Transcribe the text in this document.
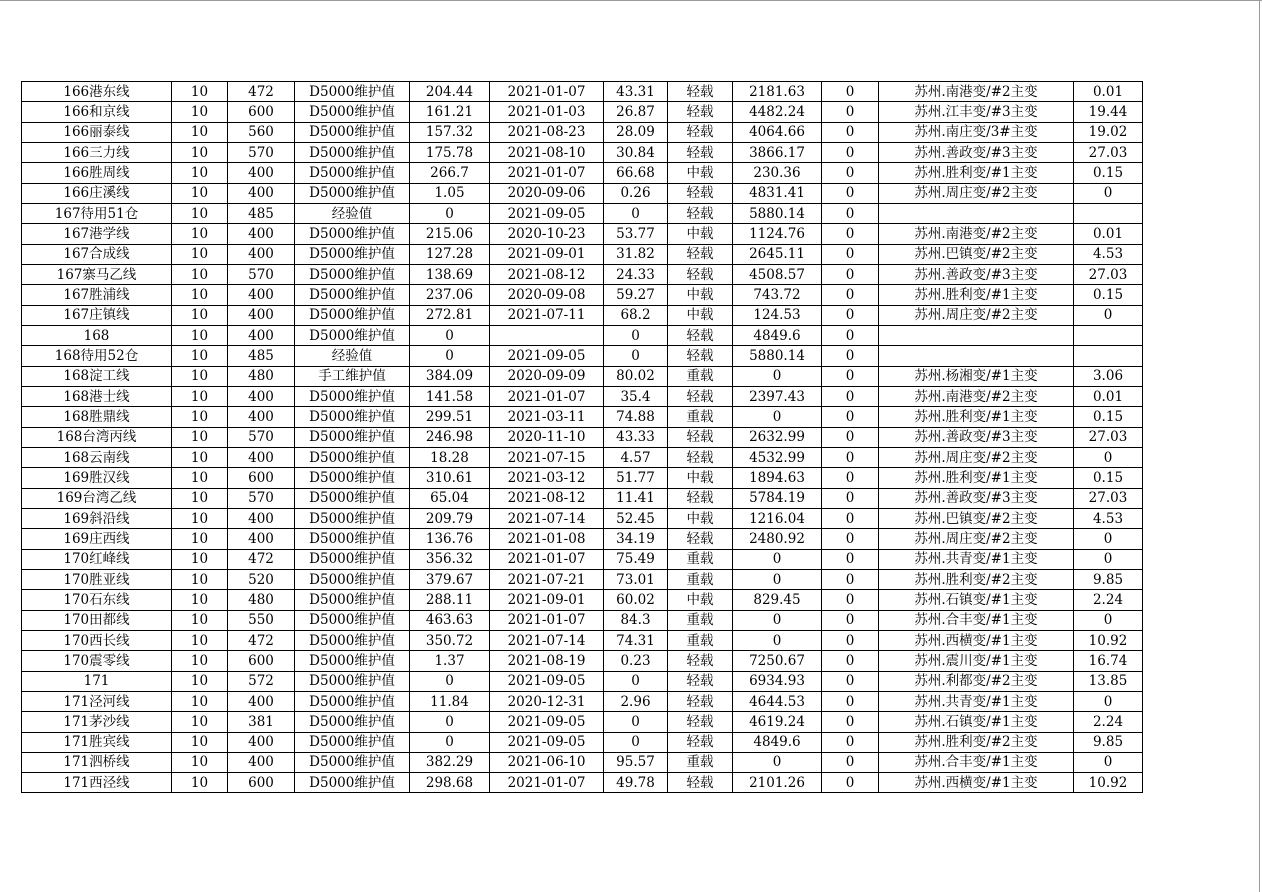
166港东线	10	472	D5000维护值	204.44	2021-01-07	43.31	轻载	2181.63	0	苏州.南港变/#2主变	0.01
166和京线	10	600	D5000维护值	161.21	2021-01-03	26.87	轻载	4482.24	0	苏州.江丰变/#3主变	19.44
166丽泰线	10	560	D5000维护值	157.32	2021-08-23	28.09	轻载	4064.66	0	苏州.南庄变/3#主变	19.02
166三力线	10	570	D5000维护值	175.78	2021-08-10	30.84	轻载	3866.17	0	苏州.善政变/#3主变	27.03
166胜周线	10	400	D5000维护值	266.7	2021-01-07	66.68	中载	230.36	0	苏州.胜利变/#1主变	0.15
166庄溪线	10	400	D5000维护值	1.05	2020-09-06	0.26	轻载	4831.41	0	苏州.周庄变/#2主变	0
167待用51仓	10	485	经验值	0	2021-09-05	0	轻载	5880.14	0		
167港学线	10	400	D5000维护值	215.06	2020-10-23	53.77	中载	1124.76	0	苏州.南港变/#2主变	0.01
167合成线	10	400	D5000维护值	127.28	2021-09-01	31.82	轻载	2645.11	0	苏州.巴镇变/#2主变	4.53
167寨马乙线	10	570	D5000维护值	138.69	2021-08-12	24.33	轻载	4508.57	0	苏州.善政变/#3主变	27.03
167胜浦线	10	400	D5000维护值	237.06	2020-09-08	59.27	中载	743.72	0	苏州.胜利变/#1主变	0.15
167庄镇线	10	400	D5000维护值	272.81	2021-07-11	68.2	中载	124.53	0	苏州.周庄变/#2主变	0
168	10	400	D5000维护值	0		0	轻载	4849.6	0		
168待用52仓	10	485	经验值	0	2021-09-05	0	轻载	5880.14	0		
168淀工线	10	480	手工维护值	384.09	2020-09-09	80.02	重载	0	0	苏州.杨湘变/#1主变	3.06
168港士线	10	400	D5000维护值	141.58	2021-01-07	35.4	轻载	2397.43	0	苏州.南港变/#2主变	0.01
168胜鼎线	10	400	D5000维护值	299.51	2021-03-11	74.88	重载	0	0	苏州.胜利变/#1主变	0.15
168台湾丙线	10	570	D5000维护值	246.98	2020-11-10	43.33	轻载	2632.99	0	苏州.善政变/#3主变	27.03
168云南线	10	400	D5000维护值	18.28	2021-07-15	4.57	轻载	4532.99	0	苏州.周庄变/#2主变	0
169胜汉线	10	600	D5000维护值	310.61	2021-03-12	51.77	中载	1894.63	0	苏州.胜利变/#1主变	0.15
169台湾乙线	10	570	D5000维护值	65.04	2021-08-12	11.41	轻载	5784.19	0	苏州.善政变/#3主变	27.03
169斜沿线	10	400	D5000维护值	209.79	2021-07-14	52.45	中载	1216.04	0	苏州.巴镇变/#2主变	4.53
169庄西线	10	400	D5000维护值	136.76	2021-01-08	34.19	轻载	2480.92	0	苏州.周庄变/#2主变	0
170红峰线	10	472	D5000维护值	356.32	2021-01-07	75.49	重载	0	0	苏州.共青变/#1主变	0
170胜亚线	10	520	D5000维护值	379.67	2021-07-21	73.01	重载	0	0	苏州.胜利变/#2主变	9.85
170石东线	10	480	D5000维护值	288.11	2021-09-01	60.02	中载	829.45	0	苏州.石镇变/#1主变	2.24
170田都线	10	550	D5000维护值	463.63	2021-01-07	84.3	重载	0	0	苏州.合丰变/#1主变	0
170西长线	10	472	D5000维护值	350.72	2021-07-14	74.31	重载	0	0	苏州.西横变/#1主变	10.92
170震零线	10	600	D5000维护值	1.37	2021-08-19	0.23	轻载	7250.67	0	苏州.震川变/#1主变	16.74
171	10	572	D5000维护值	0	2021-09-05	0	轻载	6934.93	0	苏州.利都变/#2主变	13.85
171泾河线	10	400	D5000维护值	11.84	2020-12-31	2.96	轻载	4644.53	0	苏州.共青变/#1主变	0
171茅沙线	10	381	D5000维护值	0	2021-09-05	0	轻载	4619.24	0	苏州.石镇变/#1主变	2.24
171胜宾线	10	400	D5000维护值	0	2021-09-05	0	轻载	4849.6	0	苏州.胜利变/#2主变	9.85
171泗桥线	10	400	D5000维护值	382.29	2021-06-10	95.57	重载	0	0	苏州.合丰变/#1主变	0
171西泾线	10	600	D5000维护值	298.68	2021-01-07	49.78	轻载	2101.26	0	苏州.西横变/#1主变	10.92
